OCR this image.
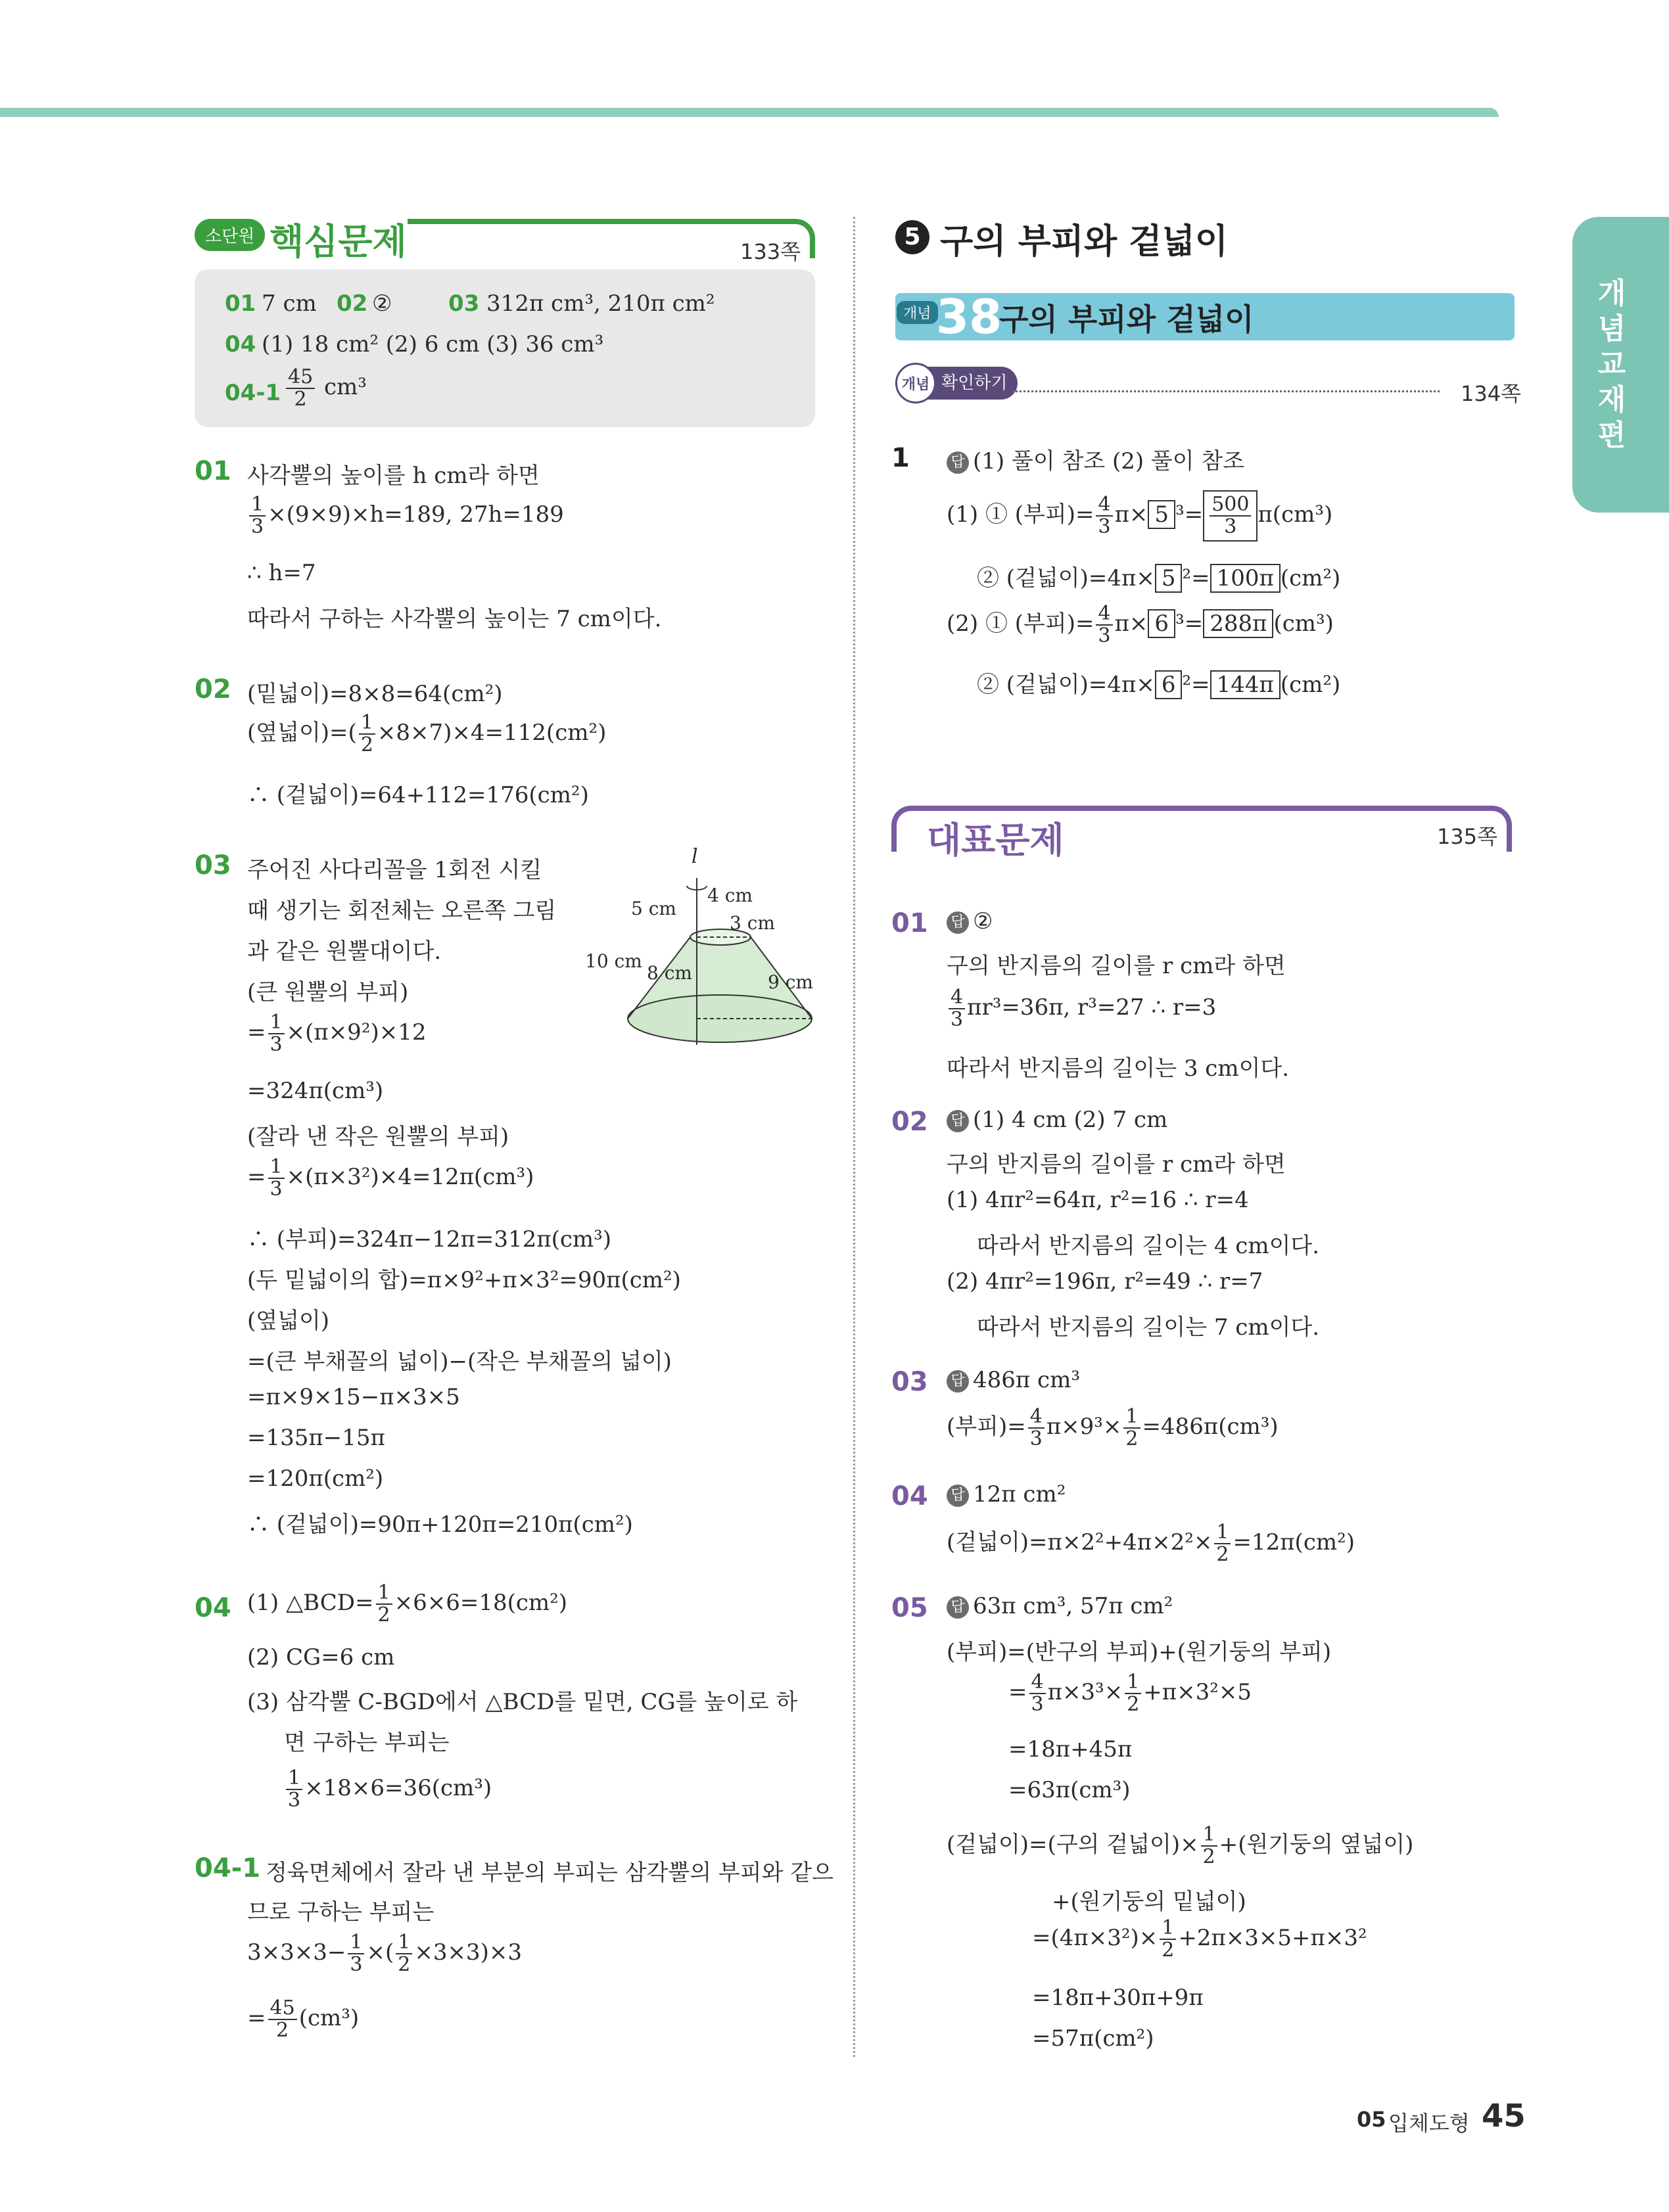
개념교재편
소단원 핵심문제	133쪽
01 7 cm 02 ②	03 312π cm³, 210π cm²
04 (1) 18 cm² (2) 6 cm (3) 36 cm³
$04-1 \frac{45}{2} cm^3$
01 사각뿔의 높이를 h cm라 하면
$\frac{1}{3} \times(9\times 9)\times h=189$, 27h=189
∴ h=7
따라서 구하는 사각뿔의 높이는 7 cm이다.
02 (밑넓이)=8×8=64(cm²)
(옆넓이)=( $\frac{1}{2} \times 8\times 7)\times 4=112(cm^2)$
∴ (겉넓이)=64+112=176(cm²)
03 주어진 사다리꼴을 1회전 시킬
때 생기는 회전체는 오른쪽 그림
과 같은 원뿔대이다.
(큰 원뿔의 부피)
= $\frac{1}{3} \times(\pi\times 9^2)\times 12$
=324π(cm³)
(잘라 낸 작은 원뿔의 부피)
= $\frac{1}{3} \times(\pi\times 3^2)\times 4=12\pi(cm^3)$
∴ (부피)=324π−12π=312π(cm³)
(두 밑넓이의 합)=π×9²+π×3²=90π(cm²)
(옆넓이)
=(큰 부채꼴의 넓이)−(작은 부채꼴의 넓이)
=π×9×15−π×3×5
=135π−15π
=120π(cm²)
∴ (겉넓이)=90π+120π=210π(cm²)
l
4 cm
5 cm
3 cm
10 cm
8 cm	9 cm
04 (1) △BCD= $\frac{1}{2} \times 6\times 6=18(cm^2)$
(2) CG=6 cm
(3) 삼각뿔 C-BGD에서 △BCD를 밑면, CG를 높이로 하
면 구하는 부피는
$\frac{1}{3} \times 18\times 6=36(cm^3)$
04-1 정육면체에서 잘라 낸 부분의 부피는 삼각뿔의 부피와 같으
므로 구하는 부피는
$3\times 3\times 3- \frac{1}{3}$ ×( $\frac{1}{2} \times 3\times 3)\times 3$
= $\frac{45}{2} (cm^3)$
5 구의 부피와 겉넓이
개념 38
구의 부피와 겉넓이
확인하기
개념	134쪽
1	답 (1) 풀이 참조 (2) 풀이 참조
(1) ① (부피)= $\frac{4}{3} \pi\times 5$ $^3= \frac{500}{3} \pi(cm^3)$
② (겉넓이)=4π× 5 ²= 100π (cm²)
(2) ① (부피)= $\frac{4}{3} \pi\times 6$ ³= 288π (cm³)
② (겉넓이)=4π× 6 ²= 144π (cm²)
대표문제	135쪽
01 답 ②
구의 반지름의 길이를 r cm라 하면
$\frac{4}{3} \pi r^3=36\pi$, r³=27 ∴ r=3
따라서 반지름의 길이는 3 cm이다.
02 답 (1) 4 cm (2) 7 cm
구의 반지름의 길이를 r cm라 하면
(1) 4πr²=64π, r²=16 ∴ r=4
따라서 반지름의 길이는 4 cm이다.
(2) 4πr²=196π, r²=49 ∴ r=7
따라서 반지름의 길이는 7 cm이다.
03 답 486π cm³
(부피)= $\frac{4}{3} \pi\times 9^3\times \frac{1}{2} =486\pi(cm^3)$
04 답 12π cm²
(겉넓이)$=\pi\times 2^2+4\pi\times 2^2\times \frac{1}{2} =12\pi(cm^2)$
05 답 63π cm³, 57π cm²
(부피)=(반구의 부피)+(원기둥의 부피)
= $\frac{4}{3} \pi\times 3^3\times \frac{1}{2} +\pi\times 3^2\times 5$
=18π+45π
=63π(cm³)
(겉넓이)=(구의 겉넓이)× $\frac{1}{2}$ +(원기둥의 옆넓이)
+(원기둥의 밑넓이)
$=(4\pi\times 3^2)\times \frac{1}{2} +2\pi\times 3\times 5+\pi\times 3^2$
=18π+30π+9π
=57π(cm²)
05 입체도형 45
